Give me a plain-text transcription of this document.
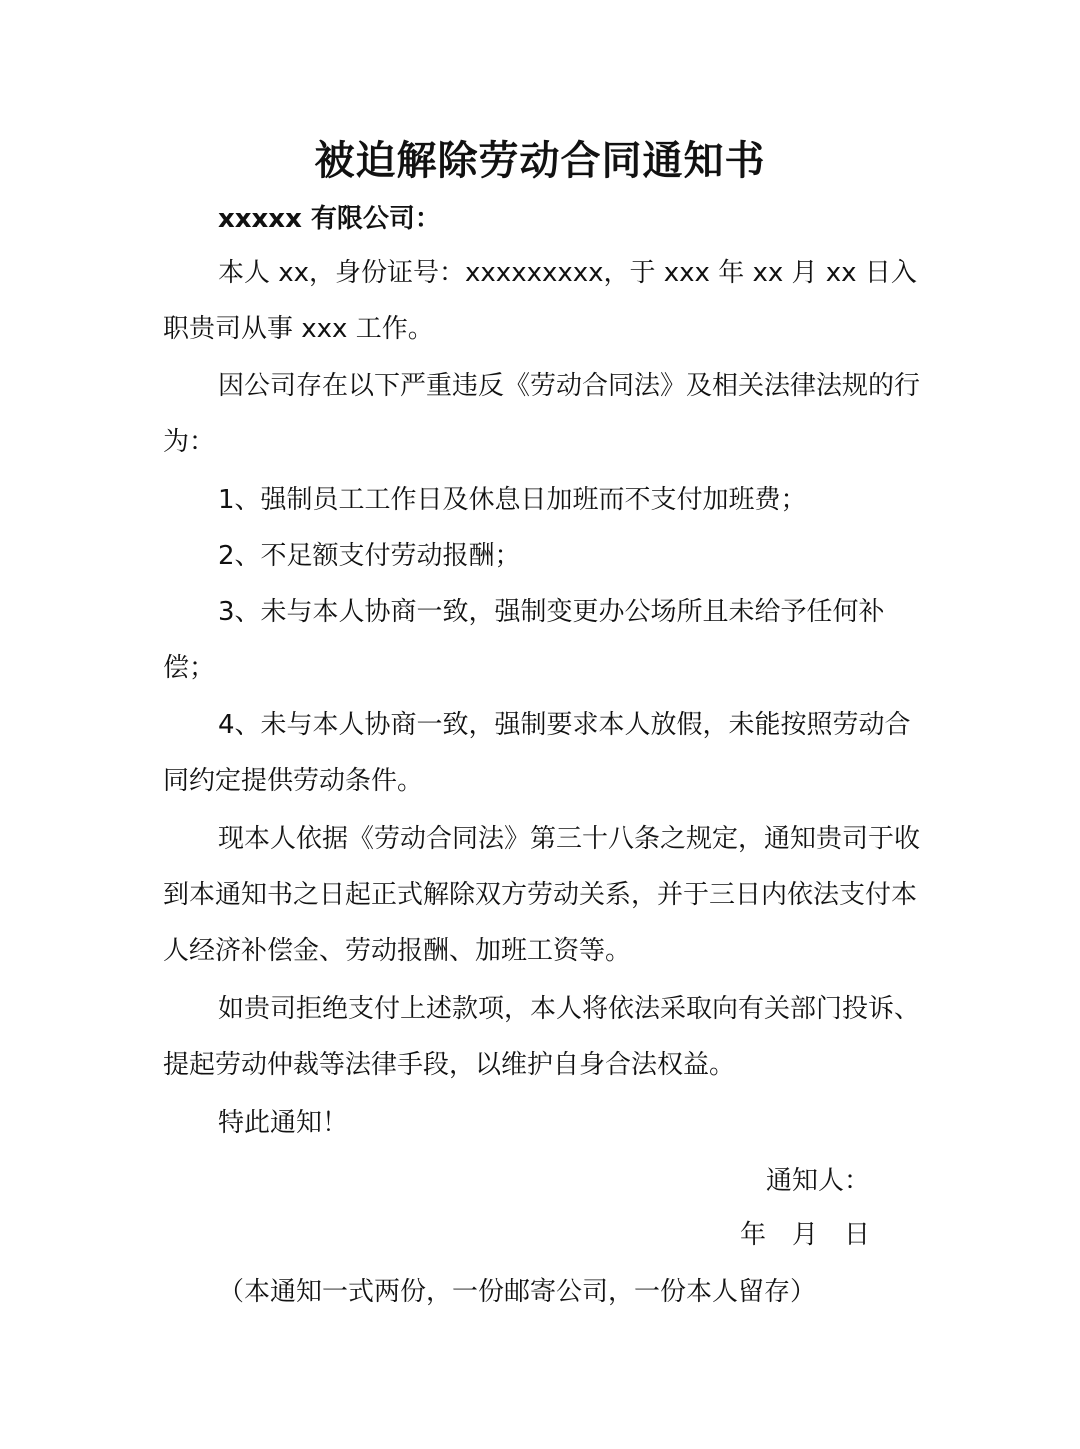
被迫解除劳动合同通知书
xxxxx 有限公司：

本人 xx，身份证号：xxxxxxxxx，于 xxx 年 xx 月 xx 日入职贵司从事 xxx 工作。

因公司存在以下严重违反《劳动合同法》及相关法律法规的行为：

1、强制员工工作日及休息日加班而不支付加班费；

2、不足额支付劳动报酬；

3、未与本人协商一致，强制变更办公场所且未给予任何补偿；

4、未与本人协商一致，强制要求本人放假，未能按照劳动合同约定提供劳动条件。

现本人依据《劳动合同法》第三十八条之规定，通知贵司于收到本通知书之日起正式解除双方劳动关系，并于三日内依法支付本人经济补偿金、劳动报酬、加班工资等。

如贵司拒绝支付上述款项，本人将依法采取向有关部门投诉、提起劳动仲裁等法律手段，以维护自身合法权益。

特此通知！

通知人：
年　月　日
（本通知一式两份，一份邮寄公司，一份本人留存）
